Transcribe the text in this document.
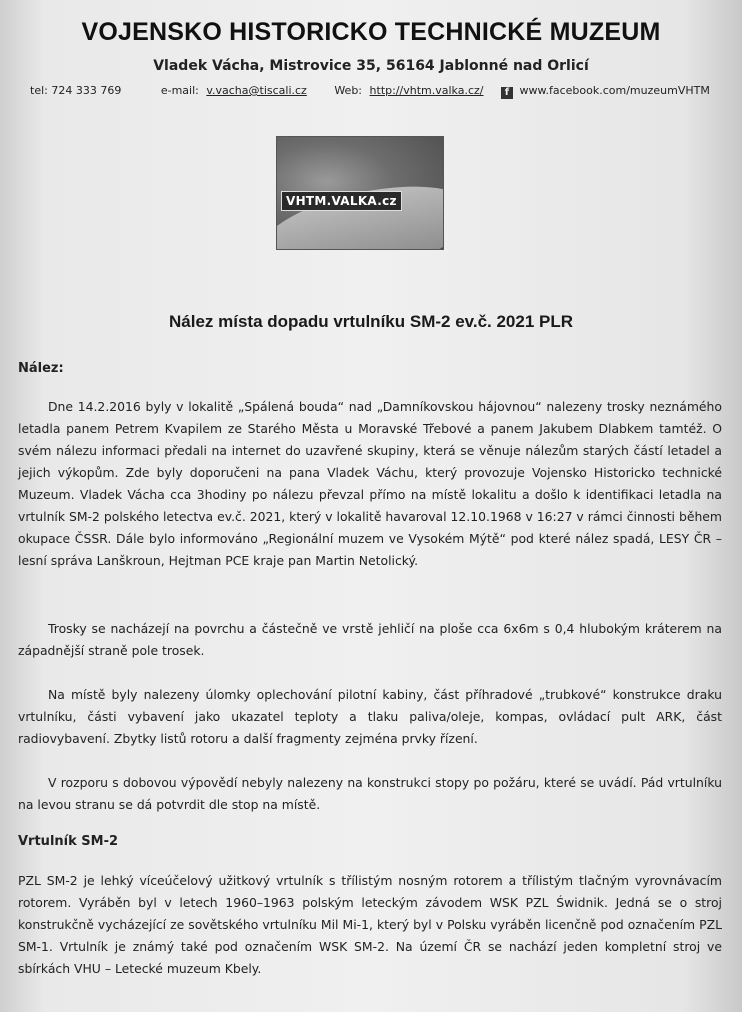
VOJENSKO HISTORICKO TECHNICKÉ MUZEUM
Vladek Vácha, Mistrovice 35, 56164 Jablonné nad Orlicí
tel: 724 333 769	e-mail: v.vacha@tiscali.cz	Web: http://vhtm.valka.cz/ f www.facebook.com/muzeumVHTM
VHTM.VALKA.cz
Nález místa dopadu vrtulníku SM-2 ev.č. 2021 PLR
Nález:
Dne 14.2.2016 byly v lokalitě „Spálená bouda“ nad „Damníkovskou hájovnou“ nalezeny trosky neznámého letadla panem Petrem Kvapilem ze Starého Města u Moravské Třebové a panem Jakubem Dlabkem tamtéž. O svém nálezu informaci předali na internet do uzavřené skupiny, která se věnuje nálezům starých částí letadel a jejich výkopům. Zde byly doporučeni na pana Vladek Váchu, který provozuje Vojensko Historicko technické Muzeum. Vladek Vácha cca 3hodiny po nálezu převzal přímo na místě lokalitu a došlo k identifikaci letadla na vrtulník SM-2 polského letectva ev.č. 2021, který v lokalitě havaroval 12.10.1968 v 16:27 v rámci činnosti během okupace ČSSR. Dále bylo informováno „Regionální muzem ve Vysokém Mýtě“ pod které nález spadá, LESY ČR – lesní správa Lanškroun, Hejtman PCE kraje pan Martin Netolický.
Trosky se nacházejí na povrchu a částečně ve vrstě jehličí na ploše cca 6x6m s 0,4 hlubokým kráterem na západnější straně pole trosek.
Na místě byly nalezeny úlomky oplechování pilotní kabiny, část příhradové „trubkové“ konstrukce draku vrtulníku, části vybavení jako ukazatel teploty a tlaku paliva/oleje, kompas, ovládací pult ARK, část radiovybavení. Zbytky listů rotoru a další fragmenty zejména prvky řízení.
V rozporu s dobovou výpovědí nebyly nalezeny na konstrukci stopy po požáru, které se uvádí. Pád vrtulníku na levou stranu se dá potvrdit dle stop na místě.
Vrtulník SM-2
PZL SM-2 je lehký víceúčelový užitkový vrtulník s třílistým nosným rotorem a třílistým tlačným vyrovnávacím rotorem. Vyráběn byl v letech 1960–1963 polským leteckým závodem WSK PZL Świdnik. Jedná se o stroj konstrukčně vycházející ze sovětského vrtulníku Mil Mi-1, který byl v Polsku vyráběn licenčně pod označením PZL SM-1. Vrtulník je známý také pod označením WSK SM-2. Na území ČR se nachází jeden kompletní stroj ve sbírkách VHU – Letecké muzeum Kbely.
